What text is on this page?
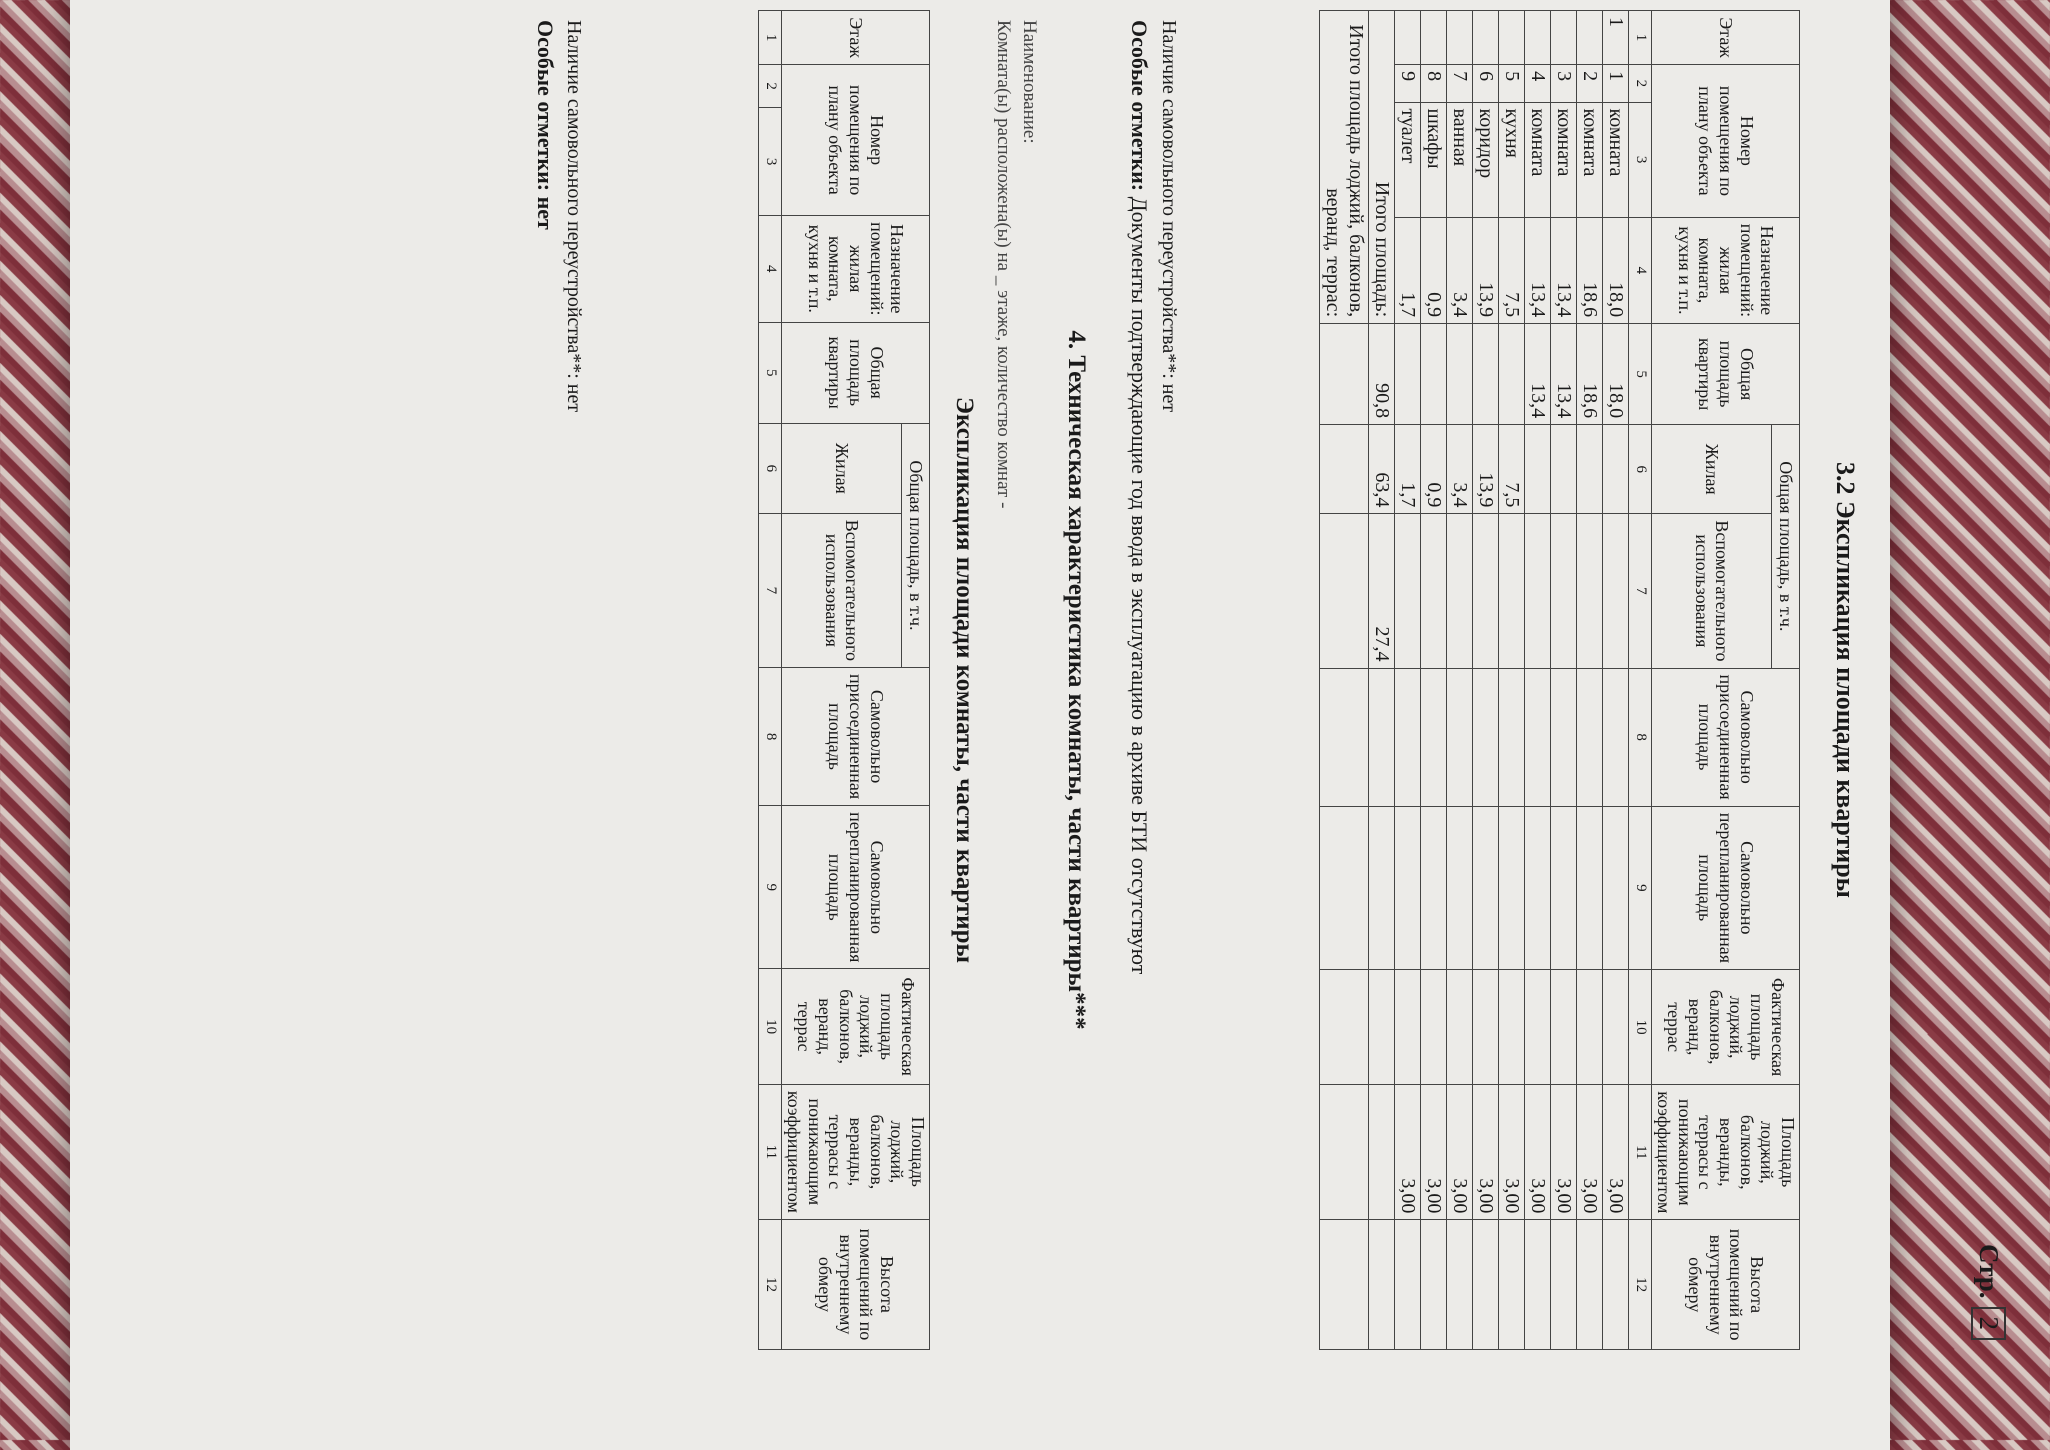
Стр.2
3.2 Экспликация площади квартиры
Этаж	Номер помещения по плану объекта		Назначение помещений: жилая комната, кухня и т.п.	Общая площадь квартиры	Общая площадь, в т.ч.		Самовольно присоединенная площадь	Самовольно перепланированная площадь	Фактическая площадь лоджий, балконов, веранд, террас	Площадь лоджий, балконов, веранды, террасы с понижающим коэффициентом	Высота помещений по внутреннему обмеру
					Жилая	Вспомогательного использования					
1	2	3	4	5	6	7	8	9	10	11	12
1	1	комната	18,0	18,0						3,00	
	2	комната	18,6	18,6						3,00	
	3	комната	13,4	13,4						3,00	
	4	комната	13,4	13,4						3,00	
	5	кухня	7,5		7,5					3,00	
	6	коридор	13,9		13,9					3,00	
	7	ванная	3,4		3,4					3,00	
	8	шкафы	0,9		0,9					3,00	
	9	туалет	1,7		1,7					3,00	
Итого площадь:				90,8	63,4	27,4					
Итого площадь лоджий, балконов, веранд, террас:											
Наличие самовольного переустройства**: нет
Особые отметки: Документы подтверждающие год ввода в эксплуатацию в архиве БТИ отсутствуют
4. Техническая характеристика комнаты, части квартиры***
Наименование:
Комната(ы) расположена(ы) на _ этаже, количество комнат -
Экспликация площади комнаты, части квартиры
Этаж	Номер помещения по плану объекта		Назначение помещений: жилая комната, кухня и т.п.	Общая площадь квартиры	Общая площадь, в т.ч.		Самовольно присоединенная площадь	Самовольно перепланированная площадь	Фактическая площадь лоджий, балконов, веранд, террас	Площадь лоджий, балконов, веранды, террасы с понижающим коэффициентом	Высота помещений по внутреннему обмеру
					Жилая	Вспомогательного использования					
1	2	3	4	5	6	7	8	9	10	11	12
Наличие самовольного переустройства**: нет
Особые отметки: нет
